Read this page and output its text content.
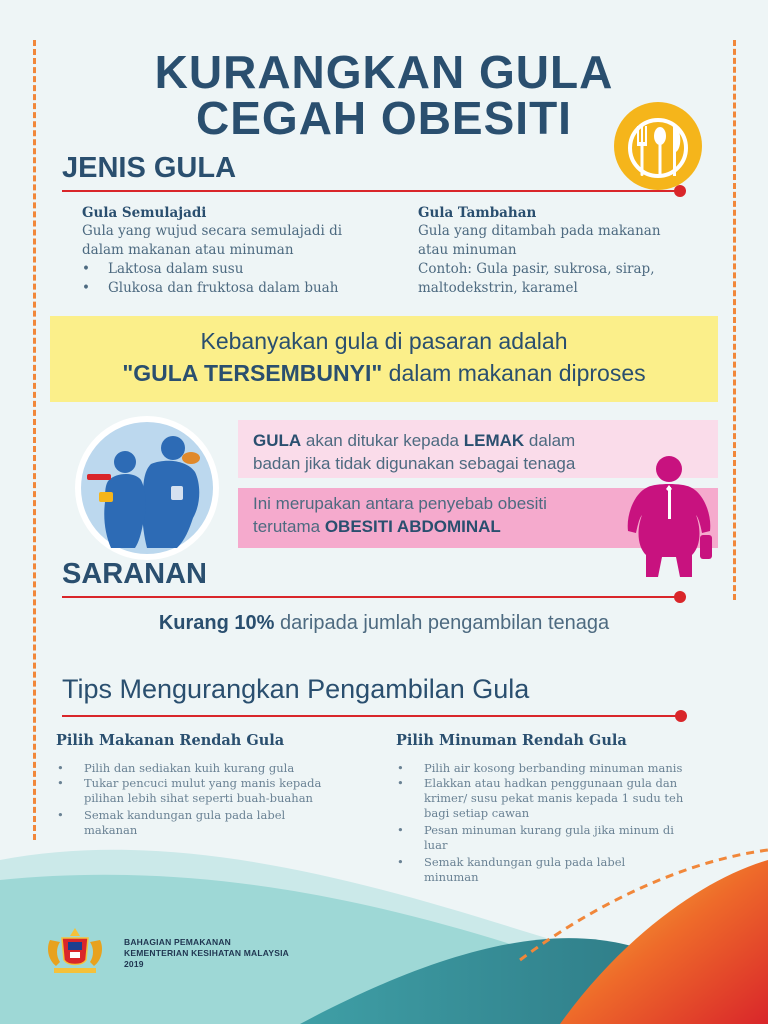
KURANGKAN GULA
CEGAH OBESITI
JENIS GULA
Gula Semulajadi
Gula yang wujud secara semulajadi di
dalam makanan atau minuman
• Laktosa dalam susu
• Glukosa dan fruktosa dalam buah
Gula Tambahan
Gula yang ditambah pada makanan
atau minuman
Contoh: Gula pasir, sukrosa, sirap,
maltodekstrin, karamel
Kebanyakan gula di pasaran adalah
"GULA TERSEMBUNYI" dalam makanan diproses
GULA akan ditukar kepada LEMAK dalam
badan jika tidak digunakan sebagai tenaga
Ini merupakan antara penyebab obesiti
terutama OBESITI ABDOMINAL
SARANAN
Kurang 10% daripada jumlah pengambilan tenaga
Tips Mengurangkan Pengambilan Gula
Pilih Makanan Rendah Gula
• Pilih dan sediakan kuih kurang gula
• Tukar pencuci mulut yang manis kepada
pilihan lebih sihat seperti buah-buahan
• Semak kandungan gula pada label
makanan
Pilih Minuman Rendah Gula
• Pilih air kosong berbanding minuman manis
• Elakkan atau hadkan penggunaan gula dan
krimer/ susu pekat manis kepada 1 sudu teh
bagi setiap cawan
• Pesan minuman kurang gula jika minum di
luar
• Semak kandungan gula pada label
minuman
BAHAGIAN PEMAKANAN
KEMENTERIAN KESIHATAN MALAYSIA
2019
